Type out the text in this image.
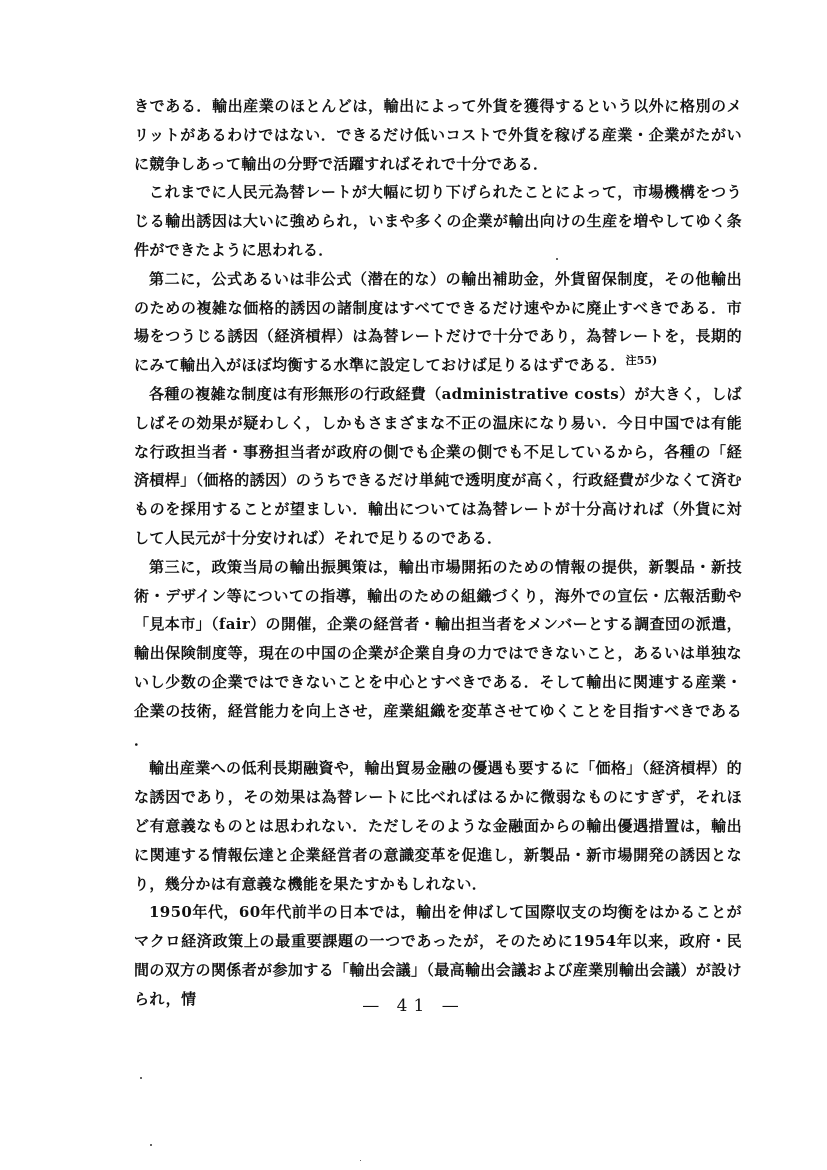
きである．輸出産業のほとんどは，輸出によって外貨を獲得するという以外に格別のメリットがあるわけではない．できるだけ低いコストで外貨を稼げる産業・企業がたがいに競争しあって輸出の分野で活躍すればそれで十分である．

これまでに人民元為替レートが大幅に切り下げられたことによって，市場機構をつうじる輸出誘因は大いに強められ，いまや多くの企業が輸出向けの生産を増やしてゆく条件ができたように思われる．

第二に，公式あるいは非公式（潜在的な）の輸出補助金，外貨留保制度，その他輸出のための複雑な価格的誘因の諸制度はすべてできるだけ速やかに廃止すべきである．市場をつうじる誘因（経済槓桿）は為替レートだけで十分であり，為替レートを，長期的にみて輸出入がほぼ均衡する水準に設定しておけば足りるはずである．$^{注55)}$

各種の複雑な制度は有形無形の行政経費（administrative costs）が大きく，しばしばその効果が疑わしく，しかもさまざまな不正の温床になり易い．今日中国では有能な行政担当者・事務担当者が政府の側でも企業の側でも不足しているから，各種の「経済槓桿」（価格的誘因）のうちできるだけ単純で透明度が高く，行政経費が少なくて済むものを採用することが望ましい．輸出については為替レートが十分高ければ（外貨に対して人民元が十分安ければ）それで足りるのである．

第三に，政策当局の輸出振興策は，輸出市場開拓のための情報の提供，新製品・新技術・デザイン等についての指導，輸出のための組織づくり，海外での宣伝・広報活動や「見本市」（fair）の開催，企業の経営者・輸出担当者をメンバーとする調査団の派遣，輸出保険制度等，現在の中国の企業が企業自身の力ではできないこと，あるいは単独ないし少数の企業ではできないことを中心とすべきである．そして輸出に関連する産業・企業の技術，経営能力を向上させ，産業組織を変革させてゆくことを目指すべきである．

輸出産業への低利長期融資や，輸出貿易金融の優遇も要するに「価格」（経済槓桿）的な誘因であり，その効果は為替レートに比べればはるかに微弱なものにすぎず，それほど有意義なものとは思われない．ただしそのような金融面からの輸出優遇措置は，輸出に関連する情報伝達と企業経営者の意識変革を促進し，新製品・新市場開発の誘因となり，幾分かは有意義な機能を果たすかもしれない．

1950年代，60年代前半の日本では，輸出を伸ばして国際収支の均衡をはかることがマクロ経済政策上の最重要課題の一つであったが，そのために1954年以来，政府・民間の双方の関係者が参加する「輸出会議」（最高輸出会議および産業別輸出会議）が設けられ，情	— 41 —
